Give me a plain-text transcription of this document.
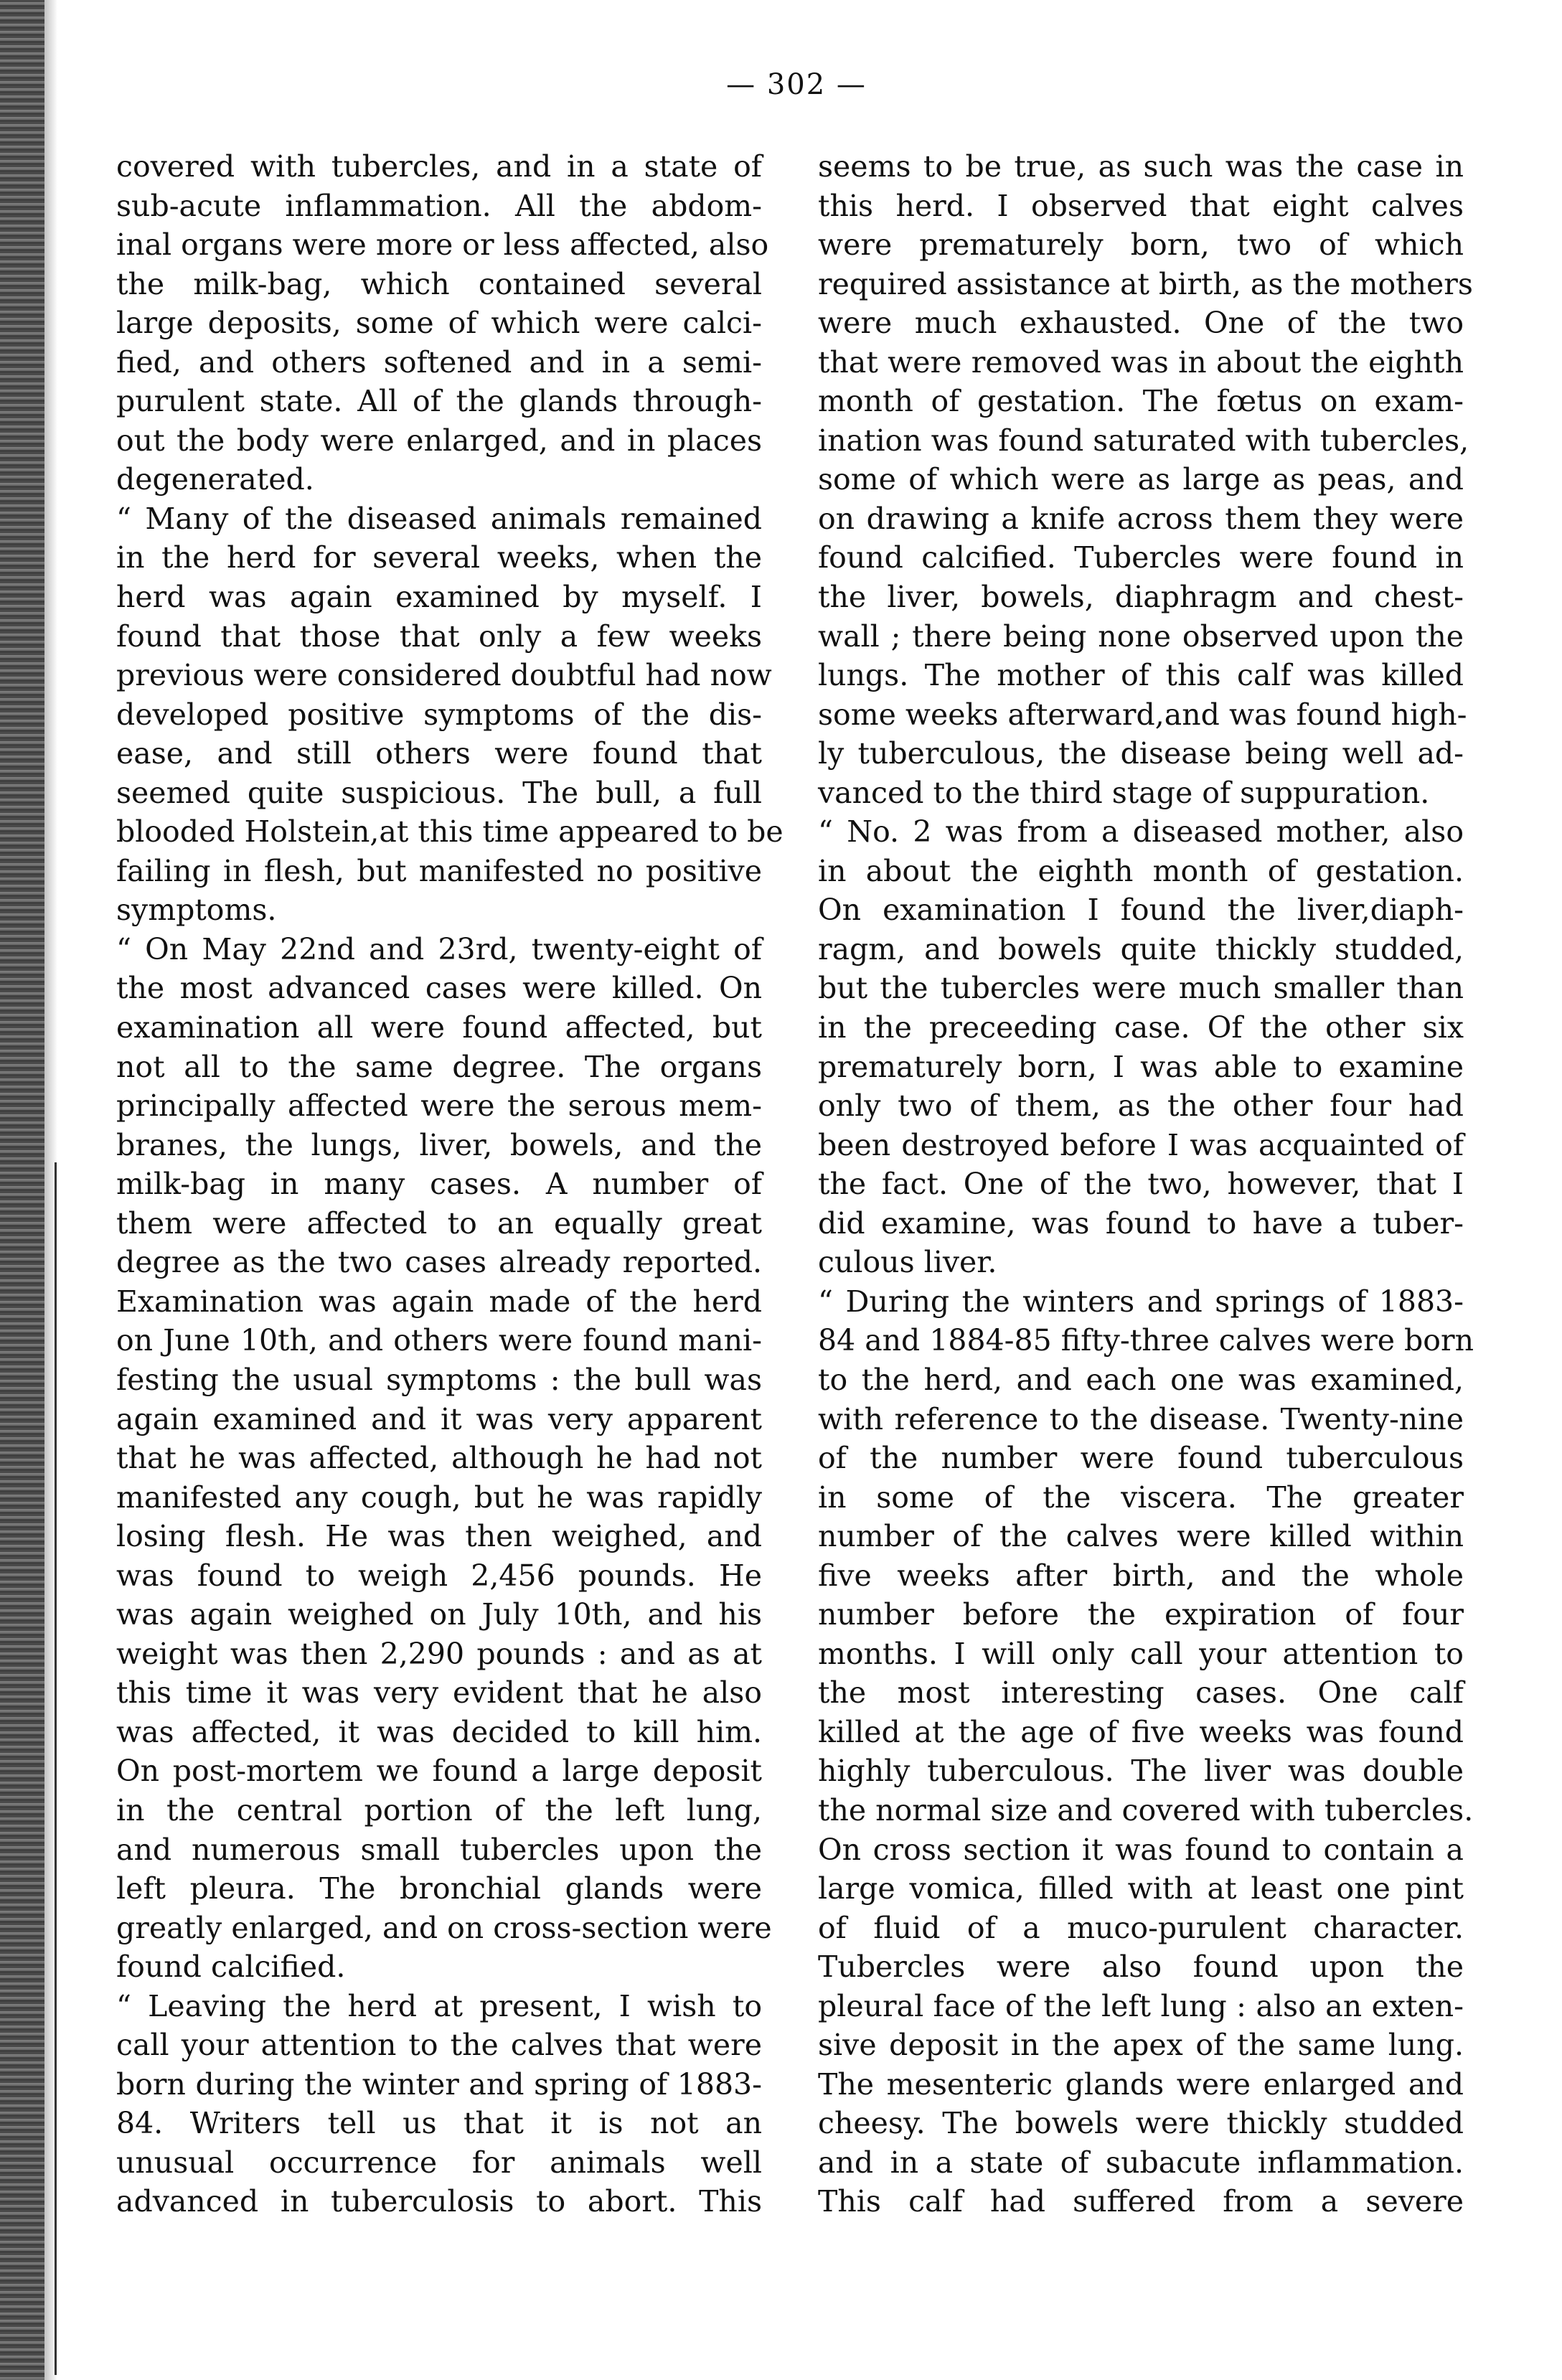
— 302 —
covered with tubercles, and in a state of
sub-acute inflammation. All the abdom-
inal organs were more or less affected, also
the milk-bag, which contained several
large deposits, some of which were calci-
fied, and others softened and in a semi-
purulent state. All of the glands through-
out the body were enlarged, and in places
degenerated.
“ Many of the diseased animals remained
in the herd for several weeks, when the
herd was again examined by myself. I
found that those that only a few weeks
previous were considered doubtful had now
developed positive symptoms of the dis-
ease, and still others were found that
seemed quite suspicious. The bull, a full
blooded Holstein,at this time appeared to be
failing in flesh, but manifested no positive
symptoms.
“ On May 22nd and 23rd, twenty-eight of
the most advanced cases were killed. On
examination all were found affected, but
not all to the same degree. The organs
principally affected were the serous mem-
branes, the lungs, liver, bowels, and the
milk-bag in many cases. A number of
them were affected to an equally great
degree as the two cases already reported.
Examination was again made of the herd
on June 10th, and others were found mani-
festing the usual symptoms : the bull was
again examined and it was very apparent
that he was affected, although he had not
manifested any cough, but he was rapidly
losing flesh. He was then weighed, and
was found to weigh 2,456 pounds. He
was again weighed on July 10th, and his
weight was then 2,290 pounds : and as at
this time it was very evident that he also
was affected, it was decided to kill him.
On post-mortem we found a large deposit
in the central portion of the left lung,
and numerous small tubercles upon the
left pleura. The bronchial glands were
greatly enlarged, and on cross-section were
found calcified.
“ Leaving the herd at present, I wish to
call your attention to the calves that were
born during the winter and spring of 1883-
84. Writers tell us that it is not an
unusual occurrence for animals well
advanced in tuberculosis to abort. This
seems to be true, as such was the case in
this herd. I observed that eight calves
were prematurely born, two of which
required assistance at birth, as the mothers
were much exhausted. One of the two
that were removed was in about the eighth
month of gestation. The fœtus on exam-
ination was found saturated with tubercles,
some of which were as large as peas, and
on drawing a knife across them they were
found calcified. Tubercles were found in
the liver, bowels, diaphragm and chest-
wall ; there being none observed upon the
lungs. The mother of this calf was killed
some weeks afterward,and was found high-
ly tuberculous, the disease being well ad-
vanced to the third stage of suppuration.
“ No. 2 was from a diseased mother, also
in about the eighth month of gestation.
On examination I found the liver,diaph-
ragm, and bowels quite thickly studded,
but the tubercles were much smaller than
in the preceeding case. Of the other six
prematurely born, I was able to examine
only two of them, as the other four had
been destroyed before I was acquainted of
the fact. One of the two, however, that I
did examine, was found to have a tuber-
culous liver.
“ During the winters and springs of 1883-
84 and 1884-85 fifty-three calves were born
to the herd, and each one was examined,
with reference to the disease. Twenty-nine
of the number were found tuberculous
in some of the viscera. The greater
number of the calves were killed within
five weeks after birth, and the whole
number before the expiration of four
months. I will only call your attention to
the most interesting cases. One calf
killed at the age of five weeks was found
highly tuberculous. The liver was double
the normal size and covered with tubercles.
On cross section it was found to contain a
large vomica, filled with at least one pint
of fluid of a muco-purulent character.
Tubercles were also found upon the
pleural face of the left lung : also an exten-
sive deposit in the apex of the same lung.
The mesenteric glands were enlarged and
cheesy. The bowels were thickly studded
and in a state of subacute inflammation.
This calf had suffered from a severe
